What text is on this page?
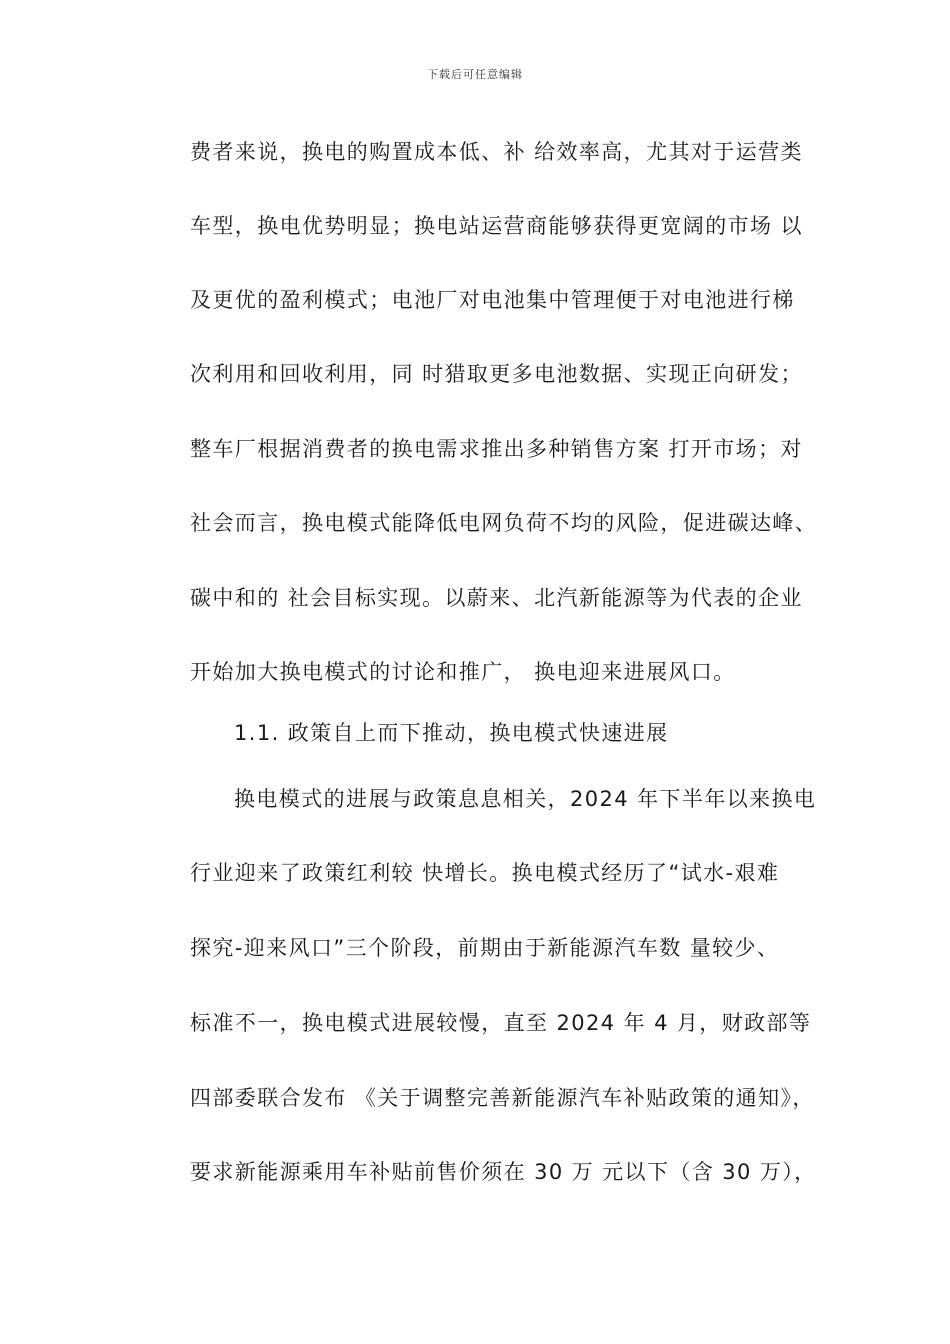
下载后可任意编辑
费者来说，换电的购置成本低、补 给效率高，尤其对于运营类
车型，换电优势明显；换电站运营商能够获得更宽阔的市场 以
及更优的盈利模式；电池厂对电池集中管理便于对电池进行梯
次利用和回收利用，同 时猎取更多电池数据、实现正向研发；
整车厂根据消费者的换电需求推出多种销售方案 打开市场；对
社会而言，换电模式能降低电网负荷不均的风险，促进碳达峰、
碳中和的 社会目标实现。以蔚来、北汽新能源等为代表的企业
开始加大换电模式的讨论和推广， 换电迎来进展风口。
1.1. 政策自上而下推动，换电模式快速进展
换电模式的进展与政策息息相关，2024 年下半年以来换电
行业迎来了政策红利较 快增长。换电模式经历了“试水-艰难
探究-迎来风口”三个阶段，前期由于新能源汽车数 量较少、
标准不一，换电模式进展较慢，直至 2024 年 4 月，财政部等
四部委联合发布 《关于调整完善新能源汽车补贴政策的通知》，
要求新能源乘用车补贴前售价须在 30 万 元以下（含 30 万），
